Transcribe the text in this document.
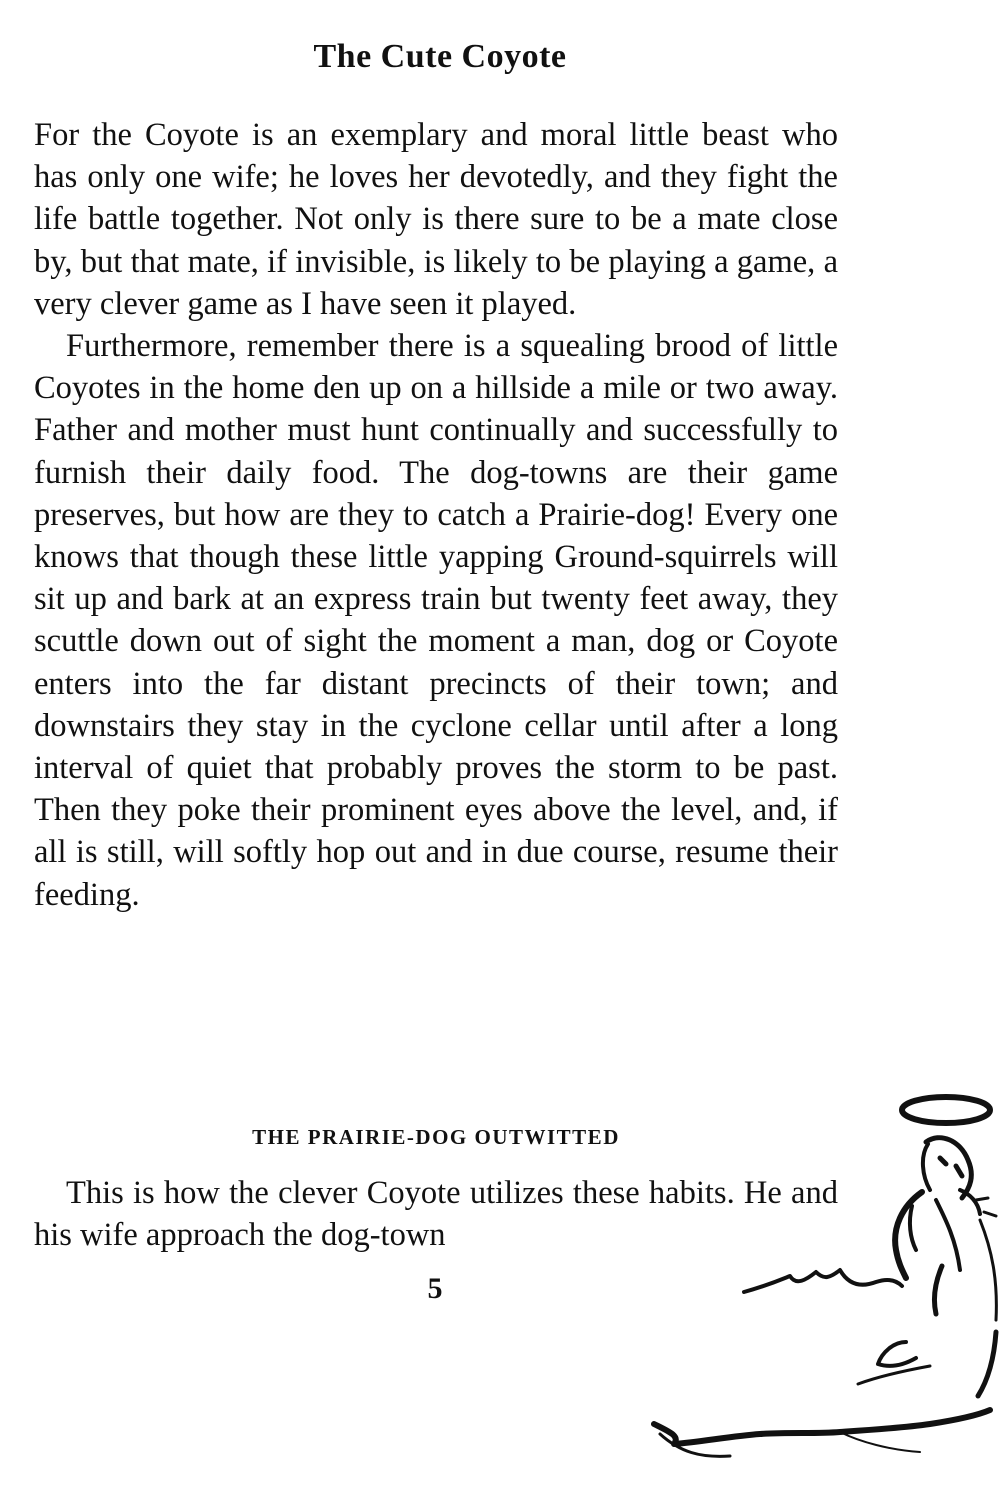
The Cute Coyote

For the Coyote is an exemplary and moral little beast who has only one wife; he loves her devotedly, and they fight the life battle together. Not only is there sure to be a mate close by, but that mate, if invisible, is likely to be playing a game, a very clever game as I have seen it played.

Furthermore, remember there is a squealing brood of little Coyotes in the home den up on a hillside a mile or two away. Father and mother must hunt continually and successfully to furnish their daily food. The dog-towns are their game preserves, but how are they to catch a Prairie-dog! Every one knows that though these little yapping Ground-squirrels will sit up and bark at an express train but twenty feet away, they scuttle down out of sight the moment a man, dog or Coyote enters into the far distant precincts of their town; and downstairs they stay in the cyclone cellar until after a long interval of quiet that probably proves the storm to be past. Then they poke their prominent eyes above the level, and, if all is still, will softly hop out and in due course, resume their feeding.

THE PRAIRIE-DOG OUTWITTED

This is how the clever Coyote utilizes these habits. He and his wife approach the dog-town

5
